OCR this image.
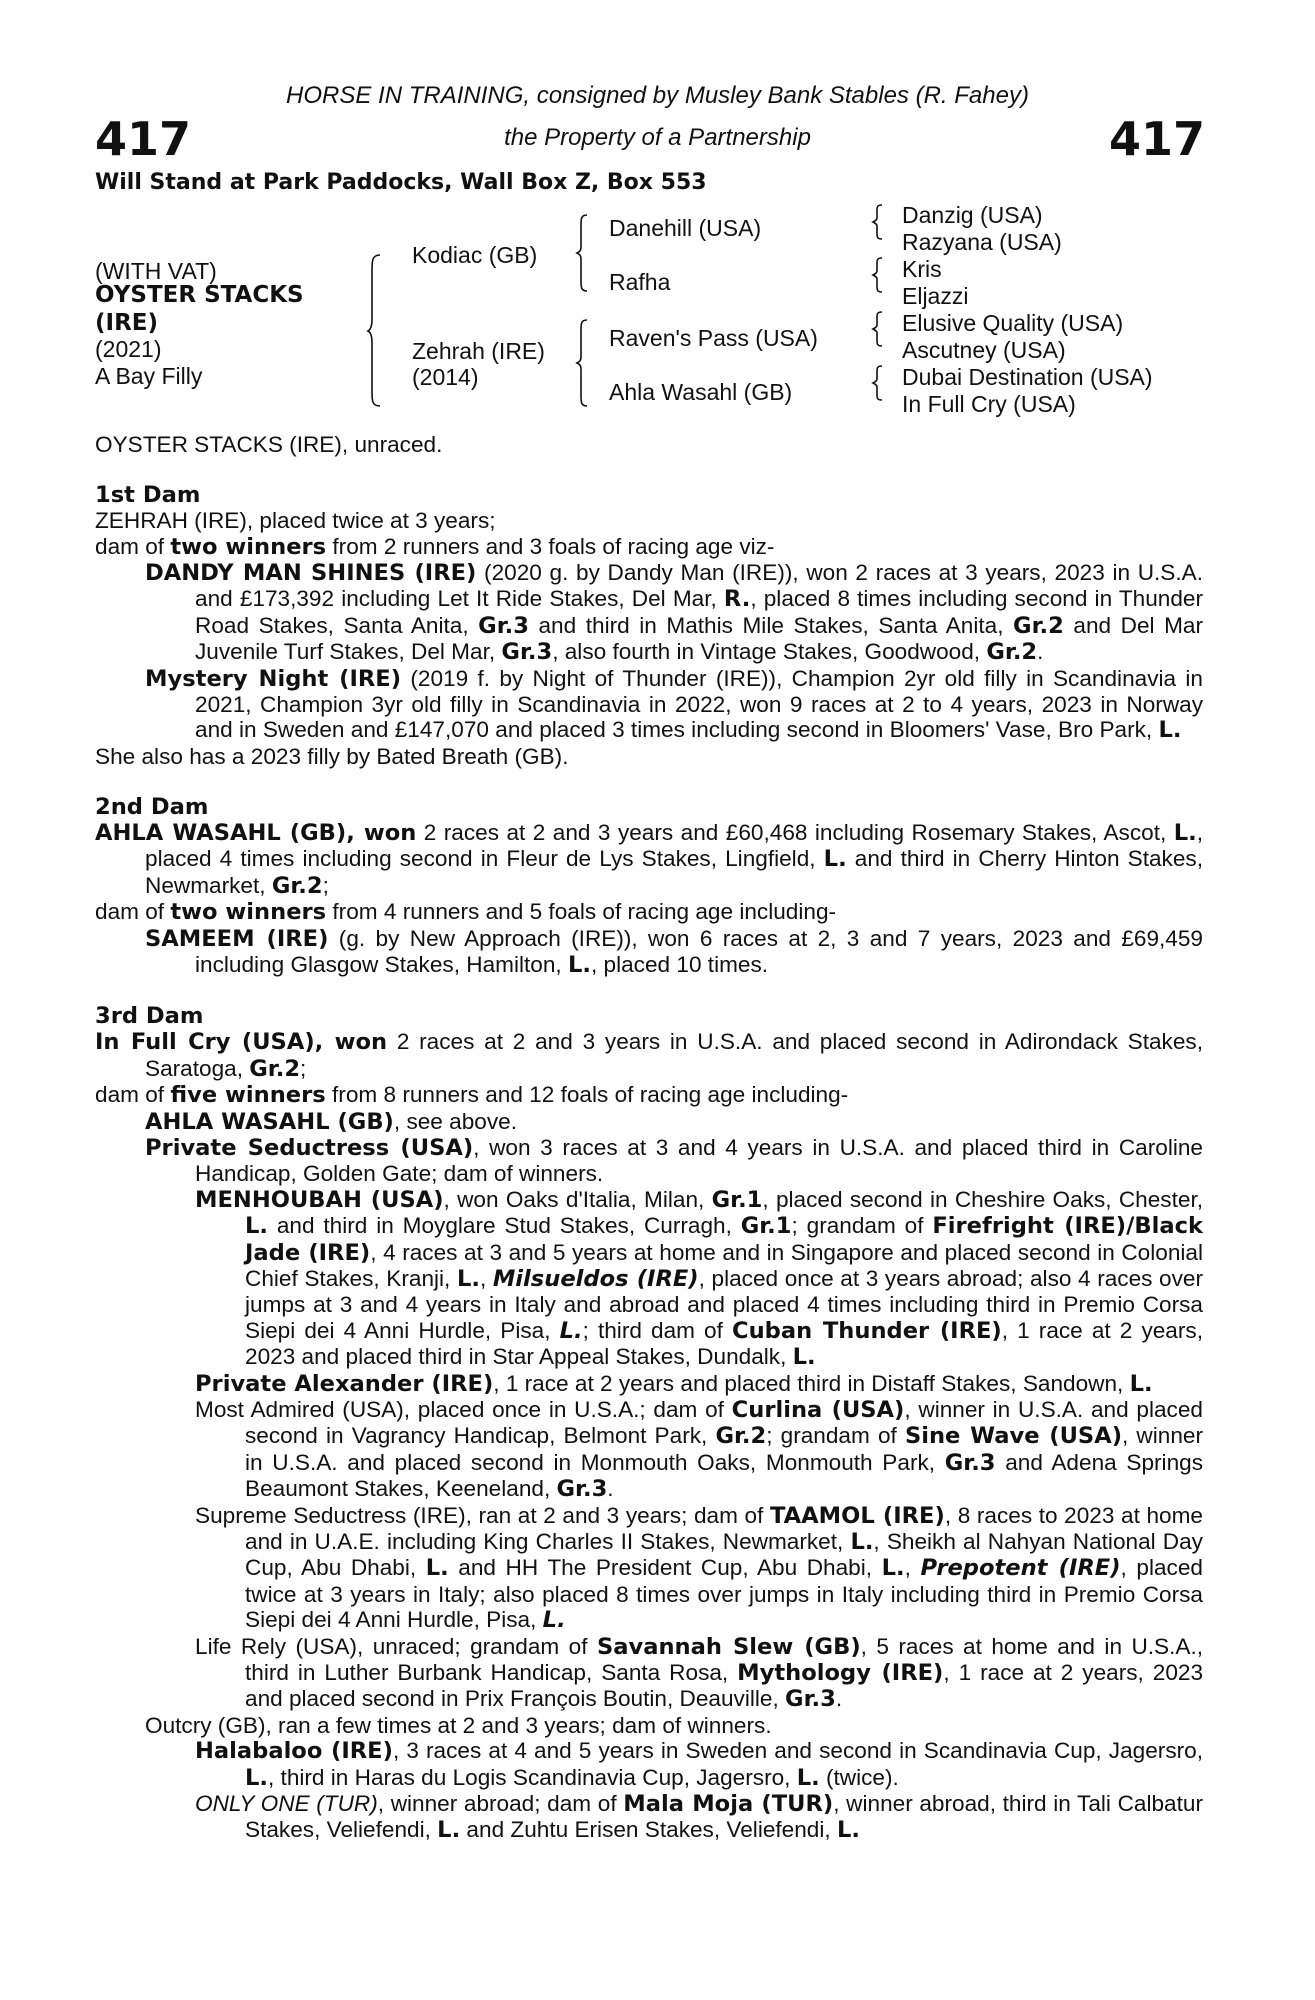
417	417
HORSE IN TRAINING, consigned by Musley Bank Stables (R. Fahey)
the Property of a Partnership
Will Stand at Park Paddocks, Wall Box Z, Box 553
(WITH VAT)
OYSTER STACKS
(IRE)
(2021)
A Bay Filly
Kodiac (GB)
Zehrah (IRE)
(2014)
Danehill (USA)
Rafha
Raven's Pass (USA)
Ahla Wasahl (GB)
Danzig (USA)
Razyana (USA)
Kris
Eljazzi
Elusive Quality (USA)
Ascutney (USA)
Dubai Destination (USA)
In Full Cry (USA)

OYSTER STACKS (IRE), unraced.

1st Dam

ZEHRAH (IRE), placed twice at 3 years;

dam of two winners from 2 runners and 3 foals of racing age viz-

DANDY MAN SHINES (IRE) (2020 g. by Dandy Man (IRE)), won 2 races at 3 years, 2023 in U.S.A. and £173,392 including Let It Ride Stakes, Del Mar, R., placed 8 times including second in Thunder Road Stakes, Santa Anita, Gr.3 and third in Mathis Mile Stakes, Santa Anita, Gr.2 and Del Mar Juvenile Turf Stakes, Del Mar, Gr.3, also fourth in Vintage Stakes, Goodwood, Gr.2.

Mystery Night (IRE) (2019 f. by Night of Thunder (IRE)), Champion 2yr old filly in Scandinavia in 2021, Champion 3yr old filly in Scandinavia in 2022, won 9 races at 2 to 4 years, 2023 in Norway and in Sweden and £147,070 and placed 3 times including second in Bloomers' Vase, Bro Park, L.

She also has a 2023 filly by Bated Breath (GB).

2nd Dam

AHLA WASAHL (GB), won 2 races at 2 and 3 years and £60,468 including Rosemary Stakes, Ascot, L., placed 4 times including second in Fleur de Lys Stakes, Lingfield, L. and third in Cherry Hinton Stakes, Newmarket, Gr.2;

dam of two winners from 4 runners and 5 foals of racing age including-

SAMEEM (IRE) (g. by New Approach (IRE)), won 6 races at 2, 3 and 7 years, 2023 and £69,459 including Glasgow Stakes, Hamilton, L., placed 10 times.

3rd Dam

In Full Cry (USA), won 2 races at 2 and 3 years in U.S.A. and placed second in Adirondack Stakes, Saratoga, Gr.2;

dam of five winners from 8 runners and 12 foals of racing age including-

AHLA WASAHL (GB), see above.

Private Seductress (USA), won 3 races at 3 and 4 years in U.S.A. and placed third in Caroline Handicap, Golden Gate; dam of winners.

MENHOUBAH (USA), won Oaks d'Italia, Milan, Gr.1, placed second in Cheshire Oaks, Chester, L. and third in Moyglare Stud Stakes, Curragh, Gr.1; grandam of Firefright (IRE)/Black Jade (IRE), 4 races at 3 and 5 years at home and in Singapore and placed second in Colonial Chief Stakes, Kranji, L., Milsueldos (IRE), placed once at 3 years abroad; also 4 races over jumps at 3 and 4 years in Italy and abroad and placed 4 times including third in Premio Corsa Siepi dei 4 Anni Hurdle, Pisa, L.; third dam of Cuban Thunder (IRE), 1 race at 2 years, 2023 and placed third in Star Appeal Stakes, Dundalk, L.

Private Alexander (IRE), 1 race at 2 years and placed third in Distaff Stakes, Sandown, L.

Most Admired (USA), placed once in U.S.A.; dam of Curlina (USA), winner in U.S.A. and placed second in Vagrancy Handicap, Belmont Park, Gr.2; grandam of Sine Wave (USA), winner in U.S.A. and placed second in Monmouth Oaks, Monmouth Park, Gr.3 and Adena Springs Beaumont Stakes, Keeneland, Gr.3.

Supreme Seductress (IRE), ran at 2 and 3 years; dam of TAAMOL (IRE), 8 races to 2023 at home and in U.A.E. including King Charles II Stakes, Newmarket, L., Sheikh al Nahyan National Day Cup, Abu Dhabi, L. and HH The President Cup, Abu Dhabi, L., Prepotent (IRE), placed twice at 3 years in Italy; also placed 8 times over jumps in Italy including third in Premio Corsa Siepi dei 4 Anni Hurdle, Pisa, L.

Life Rely (USA), unraced; grandam of Savannah Slew (GB), 5 races at home and in U.S.A., third in Luther Burbank Handicap, Santa Rosa, Mythology (IRE), 1 race at 2 years, 2023 and placed second in Prix François Boutin, Deauville, Gr.3.

Outcry (GB), ran a few times at 2 and 3 years; dam of winners.

Halabaloo (IRE), 3 races at 4 and 5 years in Sweden and second in Scandinavia Cup, Jagersro, L., third in Haras du Logis Scandinavia Cup, Jagersro, L. (twice).

ONLY ONE (TUR), winner abroad; dam of Mala Moja (TUR), winner abroad, third in Tali Calbatur Stakes, Veliefendi, L. and Zuhtu Erisen Stakes, Veliefendi, L.
